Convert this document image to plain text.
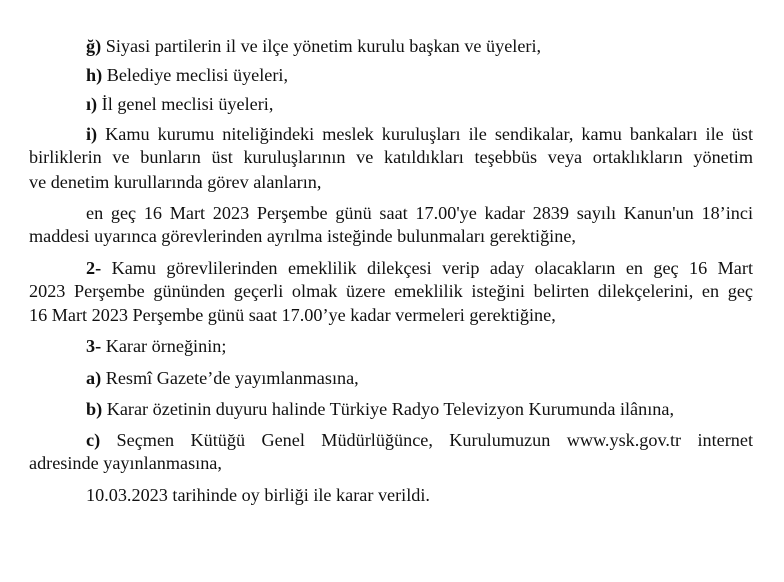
ğ) Siyasi partilerin il ve ilçe yönetim kurulu başkan ve üyeleri,
h) Belediye meclisi üyeleri,
ı) İl genel meclisi üyeleri,
i) Kamu kurumu niteliğindeki meslek kuruluşları ile sendikalar, kamu bankaları ile üst
birliklerin ve bunların üst kuruluşlarının ve katıldıkları teşebbüs veya ortaklıkların yönetim
ve denetim kurullarında görev alanların,
en geç 16 Mart 2023 Perşembe günü saat 17.00'ye kadar 2839 sayılı Kanun'un 18’inci
maddesi uyarınca görevlerinden ayrılma isteğinde bulunmaları gerektiğine,
2- Kamu görevlilerinden emeklilik dilekçesi verip aday olacakların en geç 16 Mart
2023 Perşembe gününden geçerli olmak üzere emeklilik isteğini belirten dilekçelerini, en geç
16 Mart 2023 Perşembe günü saat 17.00’ye kadar vermeleri gerektiğine,
3- Karar örneğinin;
a) Resmî Gazete’de yayımlanmasına,
b) Karar özetinin duyuru halinde Türkiye Radyo Televizyon Kurumunda ilânına,
c) Seçmen Kütüğü Genel Müdürlüğünce, Kurulumuzun www.ysk.gov.tr internet
adresinde yayınlanmasına,
10.03.2023 tarihinde oy birliği ile karar verildi.
